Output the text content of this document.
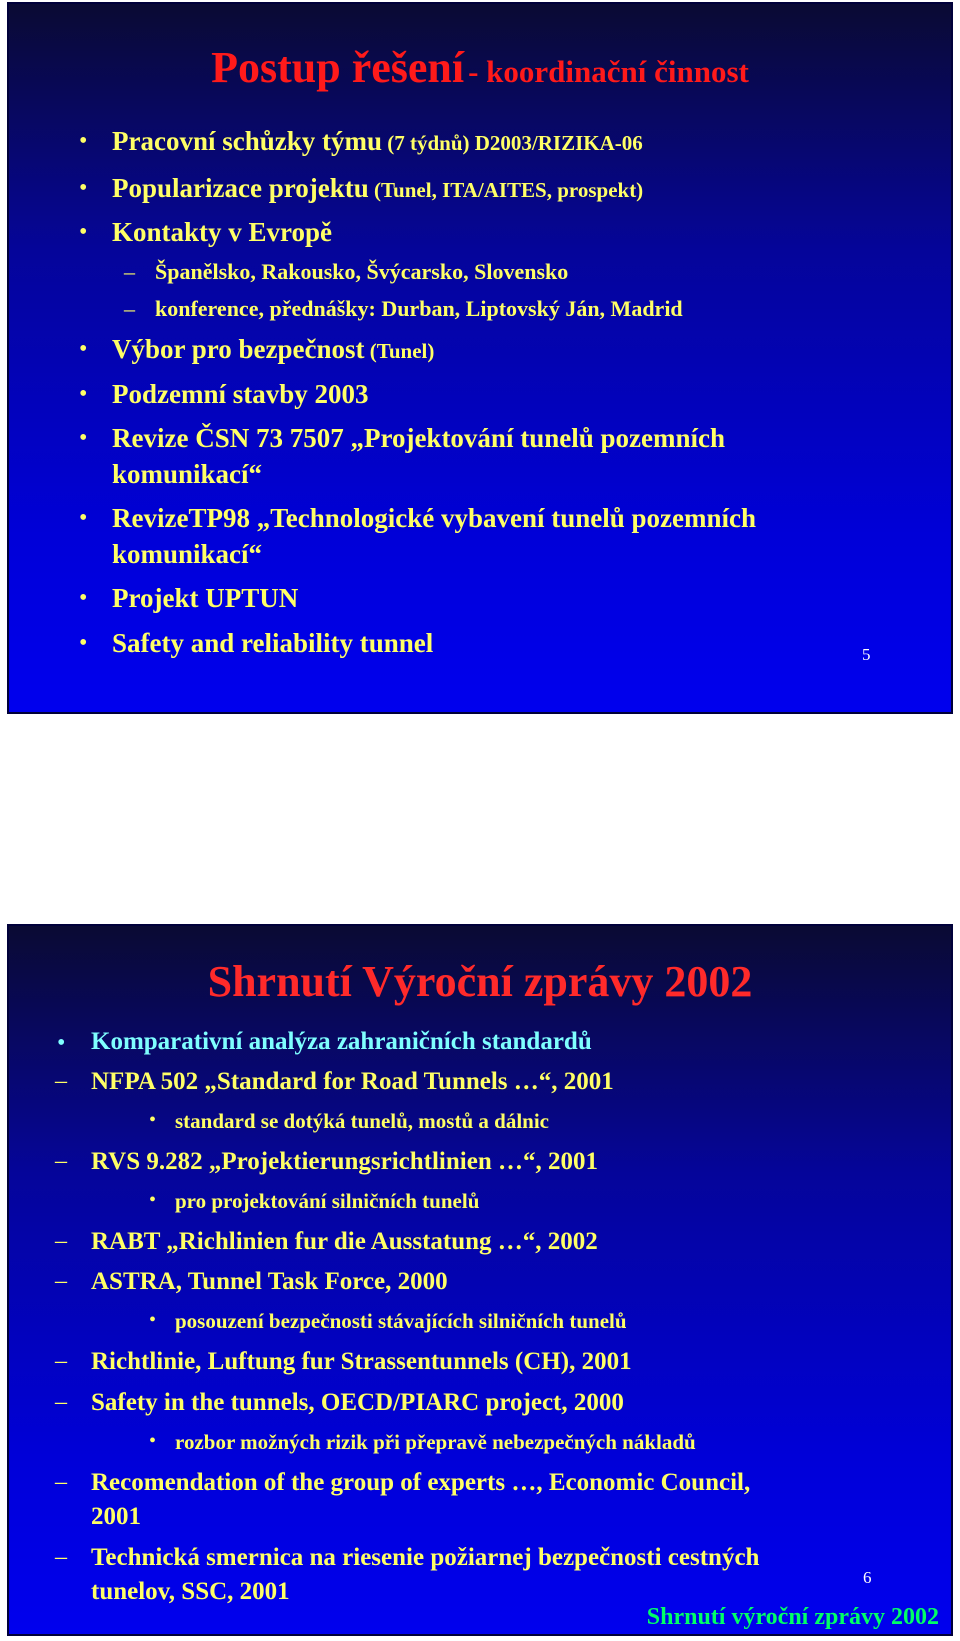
Postup řešení - koordinační činnost
• Pracovní schůzky týmu (7 týdnů) D2003/RIZIKA-06
• Popularizace projektu (Tunel, ITA/AITES, prospekt)
• Kontakty v Evropě
– Španělsko, Rakousko, Švýcarsko, Slovensko
– konference, přednášky: Durban, Liptovský Ján, Madrid
• Výbor pro bezpečnost (Tunel)
• Podzemní stavby 2003
• Revize ČSN 73 7507 „Projektování tunelů pozemních
komunikací“
• RevizeTP98 „Technologické vybavení tunelů pozemních
komunikací“
• Projekt UPTUN
• Safety and reliability tunnel	5
Shrnutí Výroční zprávy 2002
• Komparativní analýza zahraničních standardů
– NFPA 502 „Standard for Road Tunnels …“, 2001
• standard se dotýká tunelů, mostů a dálnic
– RVS 9.282 „Projektierungsrichtlinien …“, 2001
• pro projektování silničních tunelů
– RABT „Richlinien fur die Ausstatung …“, 2002
– ASTRA, Tunnel Task Force, 2000
• posouzení bezpečnosti stávajících silničních tunelů
– Richtlinie, Luftung fur Strassentunnels (CH), 2001
– Safety in the tunnels, OECD/PIARC project, 2000
• rozbor možných rizik při přepravě nebezpečných nákladů
– Recomendation of the group of experts …, Economic Council,
2001
– Technická smernica na riesenie požiarnej bezpečnosti cestných
tunelov, SSC, 2001
6
Shrnutí výroční zprávy 2002
